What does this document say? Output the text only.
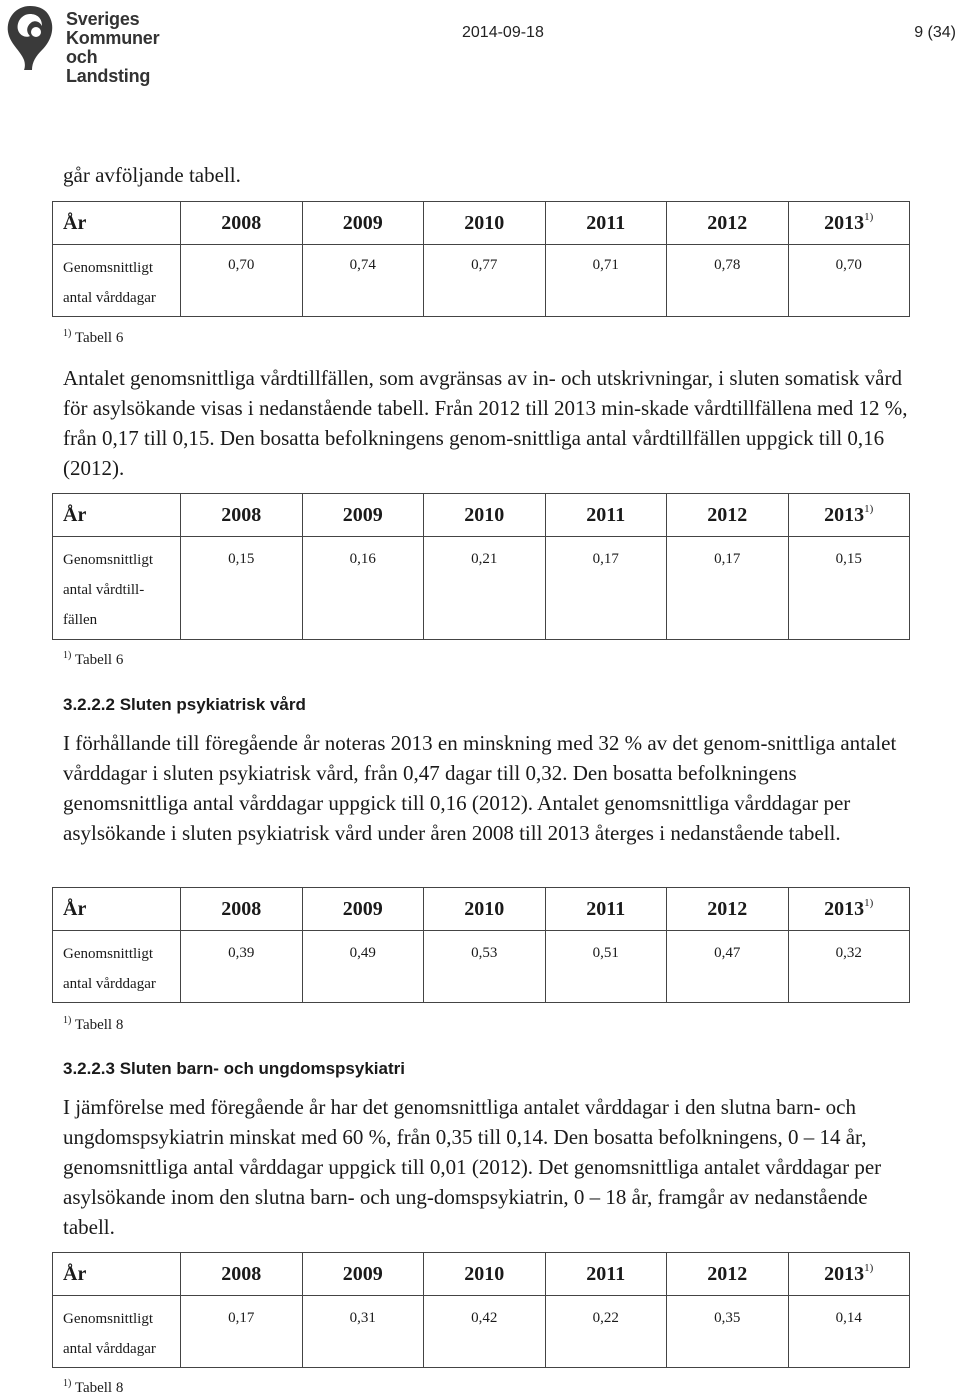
Sveriges
Kommuner
och Landsting
2014-09-18	9 (34)

går avföljande tabell.

År	2008	2009	2010	2011	2012	2013$^{1)}$

Genomsnittligt
antal vårddagar	0,70	0,74	0,77	0,71	0,78	0,70
$^{1)}$ Tabell 6

Antalet genomsnittliga vårdtillfällen, som avgränsas av in- och utskrivningar, i sluten somatisk vård för asylsökande visas i nedanstående tabell. Från 2012 till 2013 min-skade vårdtillfällena med 12 %, från 0,17 till 0,15. Den bosatta befolkningens genom-snittliga antal vårdtillfällen uppgick till 0,16 (2012).

År	2008	2009	2010	2011	2012	2013$^{1)}$

Genomsnittligt
antal vårdtill-
fällen	0,15	0,16	0,21	0,17	0,17	0,15
$^{1)}$ Tabell 6
3.2.2.2 Sluten psykiatrisk vård

I förhållande till föregående år noteras 2013 en minskning med 32 % av det genom-snittliga antalet vårddagar i sluten psykiatrisk vård, från 0,47 dagar till 0,32. Den bosatta befolkningens genomsnittliga antal vårddagar uppgick till 0,16 (2012). Antalet genomsnittliga vårddagar per asylsökande i sluten psykiatrisk vård under åren 2008 till 2013 återges i nedanstående tabell.

År	2008	2009	2010	2011	2012	2013$^{1)}$

Genomsnittligt
antal vårddagar	0,39	0,49	0,53	0,51	0,47	0,32
$^{1)}$ Tabell 8
3.2.2.3 Sluten barn- och ungdomspsykiatri

I jämförelse med föregående år har det genomsnittliga antalet vårddagar i den slutna barn- och ungdomspsykiatrin minskat med 60 %, från 0,35 till 0,14. Den bosatta befolkningens, 0 – 14 år, genomsnittliga antal vårddagar uppgick till 0,01 (2012). Det genomsnittliga antalet vårddagar per asylsökande inom den slutna barn- och ung-domspsykiatrin, 0 – 18 år, framgår av nedanstående tabell.

År	2008	2009	2010	2011	2012	2013$^{1)}$

Genomsnittligt
antal vårddagar	0,17	0,31	0,42	0,22	0,35	0,14
$^{1)}$ Tabell 8
